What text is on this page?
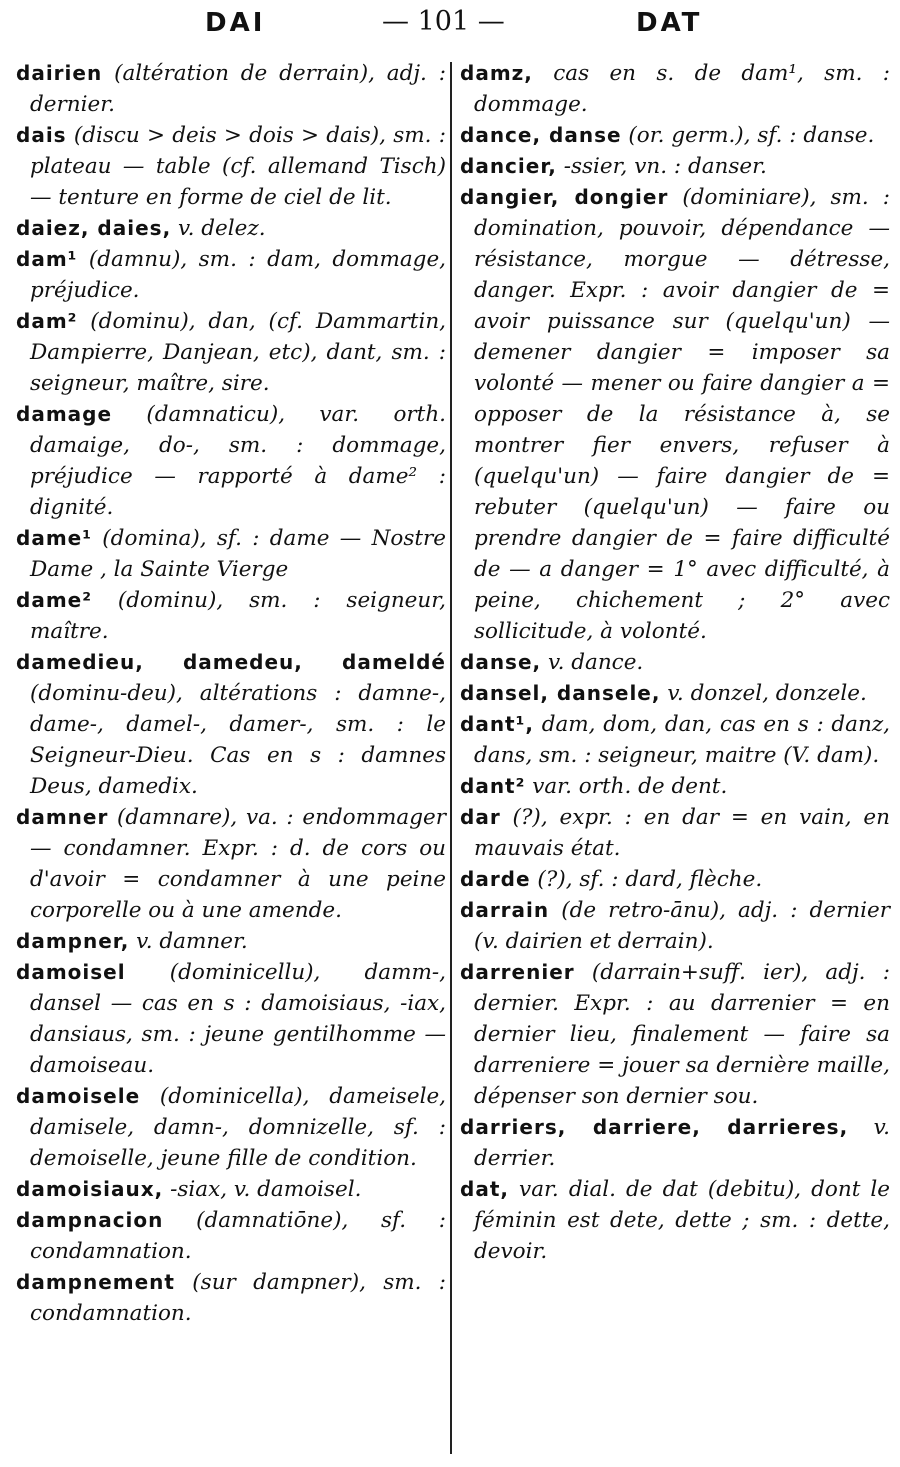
DAI	— 101 —	DAT

dairien (altération de derrain), adj. : dernier.

dais (discu > deis > dois > dais), sm. : plateau — table (cf. allemand Tisch) — tenture en forme de ciel de lit.

daiez, daies, v. delez.

dam¹ (damnu), sm. : dam, dommage, préjudice.

dam² (dominu), dan, (cf. Dammartin, Dampierre, Danjean, etc), dant, sm. : seigneur, maître, sire.

damage (damnaticu), var. orth. damaige, do-, sm. : dommage, préjudice — rapporté à dame² : dignité.

dame¹ (domina), sf. : dame — Nostre Dame , la Sainte Vierge

dame² (dominu), sm. : seigneur, maître.

damedieu, damedeu, dameldé (dominu-deu), altérations : damne-, dame-, damel-, damer-, sm. : le Seigneur-Dieu. Cas en s : damnes Deus, damedix.

damner (damnare), va. : endommager — condamner. Expr. : d. de cors ou d'avoir = condamner à une peine corporelle ou à une amende.

dampner, v. damner.

damoisel (dominicellu), damm-, dansel — cas en s : damoisiaus, -iax, dansiaus, sm. : jeune gentilhomme — damoiseau.

damoisele (dominicella), dameisele, damisele, damn-, domnizelle, sf. : demoiselle, jeune fille de condition.

damoisiaux, -siax, v. damoisel.

dampnacion (damnatiōne), sf. : condamnation.

dampnement (sur dampner), sm. : condamnation.

damz, cas en s. de dam¹, sm. : dommage.

dance, danse (or. germ.), sf. : danse.

dancier, -ssier, vn. : danser.

dangier, dongier (dominiare), sm. : domination, pouvoir, dépendance — résistance, morgue — détresse, danger. Expr. : avoir dangier de = avoir puissance sur (quelqu'un) — demener dangier = imposer sa volonté — mener ou faire dangier a = opposer de la résistance à, se montrer fier envers, refuser à (quelqu'un) — faire dangier de = rebuter (quelqu'un) — faire ou prendre dangier de = faire difficulté de — a danger = 1° avec difficulté, à peine, chichement ; 2° avec sollicitude, à volonté.

danse, v. dance.

dansel, dansele, v. donzel, donzele.

dant¹, dam, dom, dan, cas en s : danz, dans, sm. : seigneur, maitre (V. dam).

dant² var. orth. de dent.

dar (?), expr. : en dar = en vain, en mauvais état.

darde (?), sf. : dard, flèche.

darrain (de retro-ānu), adj. : dernier (v. dairien et derrain).

darrenier (darrain+suff. ier), adj. : dernier. Expr. : au darrenier = en dernier lieu, finalement — faire sa darreniere = jouer sa dernière maille, dépenser son dernier sou.

darriers, darriere, darrieres, v. derrier.

dat, var. dial. de dat (debitu), dont le féminin est dete, dette ; sm. : dette, devoir.
